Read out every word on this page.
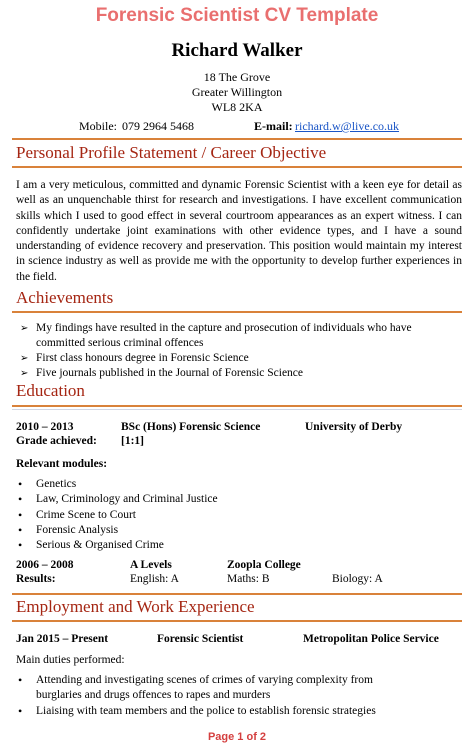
Forensic Scientist CV Template
Richard Walker
18 The Grove
Greater Willington
WL8 2KA
Mobile: 079 2964 5468	E-mail: richard.w@live.co.uk
Personal Profile Statement / Career Objective
I am a very meticulous, committed and dynamic Forensic Scientist with a keen eye for detail as well as an unquenchable thirst for research and investigations. I have excellent communication skills which I used to good effect in several courtroom appearances as an expert witness. I can confidently undertake joint examinations with other evidence types, and I have a sound understanding of evidence recovery and preservation. This position would maintain my interest in science industry as well as provide me with the opportunity to develop further experiences in the field.
Achievements
➢ My findings have resulted in the capture and prosecution of individuals who have committed serious criminal offences
➢ First class honours degree in Forensic Science
➢ Five journals published in the Journal of Forensic Science
Education
2010 – 2013	BSc (Hons) Forensic Science	University of Derby
Grade achieved: [1:1]
Relevant modules:
• Genetics
• Law, Criminology and Criminal Justice
• Crime Scene to Court
• Forensic Analysis
• Serious & Organised Crime
2006 – 2008	A Levels	Zoopla College
Results:	English: A	Maths: B	Biology: A
Employment and Work Experience
Jan 2015 – Present	Forensic Scientist	Metropolitan Police Service
Main duties performed:
• Attending and investigating scenes of crimes of varying complexity from burglaries and drugs offences to rapes and murders
• Liaising with team members and the police to establish forensic strategies
Page 1 of 2
